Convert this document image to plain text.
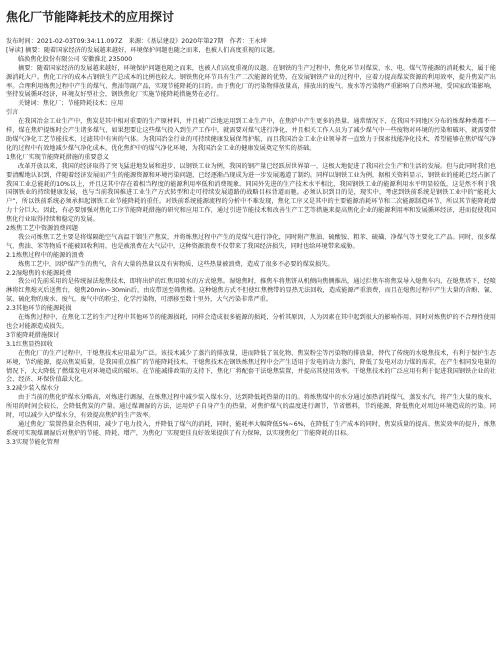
焦化厂节能降耗技术的应用探讨

发布时间：2021-02-03T09:34:11.097Z　来源：《基层建设》2020年第27期　作者：王永坤

[导读] 摘要：随着国家经济的发展越来越好，环境保护问题也随之而来，也被人们高度重视的议题。

临涣焦化股份有限公司 安徽淮北 235000

摘要：随着国家经济的发展越来越好，环境保护问题也随之而来，也被人们高度重视的议题。在钢铁的生产过程中，焦化环节对煤炭、水、电、煤气等能源的消耗极大，属于能源消耗大户。焦化工序的成本占钢铁生产总成本的比例也较大。钢铁焦化环节具有生产二次能源的优势，在发展钢铁产业的过程中，应着力提高煤炭资源的利用效率，提升焦炭产出率。合理利用炼焦过程中产生的煤气、焦油等副产品，实现节能降耗的目的。由于焦化厂的污染物排放量高，排放出的废气、废水等污染物严重影响了自然环境，受国家政策影响，坚持发展循环经济，环境友好型社会，钢铁焦化厂实施节能降耗措施势在必行。

关键词：焦化厂；节能降耗技术；应用

引言

在我国冶金工业生产中，焦炭是其中相对重要的生产原材料，并且被广泛地运用到工业生产中，在焦炉中产生更多的热量。通常情况下，在我国不同地区分布的炼煤种类都不一样，煤在焦炉提炼时会产生诸多煤气，如果想要让这些煤气投入到生产工作中，就需要对煤气进行净化，并且相关工作人员为了减少煤气中一些废物对环境的污染和破坏，就需要借助煤气净化工艺节能技术，过滤其中有害的气体。为我国冶金行业的可持续健康发展保驾护航，而且我国冶金工业企业领导者一直致力于探索找能净化技术，希望能够在焦炉煤气净化的过程中有效地减少煤气净化成本，优化焦炉中的煤气净化环境，为我国冶金工业的健康发展奠定坚实的基础。

1焦化厂实现节能降耗措施的重要意义

改革开放以来，我国的经济取得了突飞猛进地发展和进步，以钢铁工业为例，我国的钢产量已经跃居世界第一，这极大地促进了我国社会生产和生活的发展。但与此同时我们也要清醒地认识到，伴随着经济发展而产生的能源资源和环境污染问题，已经逐渐凸现成为进一步发展遇道了制约。同样以钢铁工业为例，据相关资料显示，钢铁业的能耗已经占据了我国工业总能耗的10%以上，并且这其中存在着相当程度的能源利用率低和消费现象。同国外先进的生产技术水平相比，我国钢铁工业的能源利用水平明显较低，这是然不利于我国钢铁业的持续健康发展，也与当前我国推进工业生产方式转型和走可持续发展道路的战略目标背道而驰。必须认识到目的是，现实中，考虑到铁前系统是钢铁工业中的“能耗大户”，所以铁前系统必须承担起钢铁工业节能降耗的重任。对铁前系统能源流程的分析中不难发现，焦化工序又是其中的主要能源消耗环节和二次能源制造环节，所以其节能降耗潜力十分巨大。因此，有必要加强对焦化工序节能降耗措施的研究和应用工作，通过引进节能技术和改善生产工艺等措施来提高焦化企业的能源利用率和发展循环经济，进而促使我国焦化行业取得持续和稳定的发展。

2炼焦工艺中资源浪费问题

我公司炼焦工艺主要是将煤隔绝空气高温干馏生产焦炭，并将炼焦过程中产生的荒煤气进行净化，同时附产焦油、硫酸铵、粗苯、硫磺、净煤气等主要化工产品。同时，很多煤气、焦油、苯等物质不能被回收利用，也是被浪费在大气层中，这种资源浪费不仅带来了我国经济损失，同时也给环境带来威胁。

2.1炼焦过程中的能源的浪费

炼焦工艺中，因炉煤产生的焦气，含有大量的热量以及有害物质，这些热量被浪费，造成了很多不必要的煤炭损失。

2.2湿熄焦的水能源耗费

我公司先前采用的是传统湿法熄焦技术，即将出炉的红焦用喷水的方式熄焦。湿熄焦时，推焦车将焦饼从机侧向焦侧推出，通过拦焦车将焦炭导入熄焦车内，在熄焦塔下，经喷淋将红焦熄灭后送焦台，熄焦20min~30min后，由皮带送至筛焦楼。这种熄焦方式不但使红焦携带的显热无法回收，造成能源严重浪费，而且在熄焦过程中产生大量的含酚、氰、氨、硫化物的废水、废气，废气中的粉尘、化学污染物，可漂移至数十里外，大气污染非常严重。

2.3其他环节的能源耗损

在炼焦过程中，在焦化工艺的生产过程中其他环节的能源损耗，同样会造成很多能源的损耗，分析其原因，人为因素在其中起到很大的影响作用，同时对炼焦炉的不合理性使用也会对能源造成损失。

3节能降耗措施探讨

3.1红焦显热回收

在焦化厂的生产过程中，干熄焦技术应用最为广泛。该技术减少了蒸汽的排放量，进而降低了氧化物、焦炭粉尘等污染物的排放量，替代了传统的水熄焦技术，有利于保护生态环境，节约能源，提高焦炭质量，是我国重点推广的节能降耗技术。干熄焦技术在钢铁炼焦过程中会产生适用于发电的动力蒸汽，降低了发电对动力煤的需求，在产生相同发电量的情况下，大大降低了燃煤发电对环境造成的破坏。在节能减排政策的支持下，焦化厂将配套干法熄焦装置，并提高其使用效率。干熄焦技术的广泛应用有利于促进我国钢铁企业的社会、经济、环保价值最大化。

3.2减少装入煤水分

由于当前的焦化炉煤水分略高，对炼进行调湿，在炼焦过程中减少装入煤水分，达到降低耗热量的目的。将炼焦煤中的水分通过加热消耗煤气，蒸发水汽，将产生大量的废水，所用的时间会较长，会降低焦炭的产量。通过煤调湿的方法，运用炉子自身产生的热量，对焦炉煤气的温度进行调节，节省燃料，节约能源，降低焦化对周边环境造成的污染。同时，可以减少入炉煤水分，有效提高焦炉的生产效率。

通过焦化厂装置热量余热利用，减少了电力投入，并降低了煤气的消耗，同时，能耗率大幅降低5%~6%，在降低了生产成本的同时，焦炭质量的提高、焦炭效率的提升，炼焦系统可实现煤调湿后对焦炉的节能、降耗、增产，为焦化厂实现更佳良好效果提供了有力保障，以实现焦化厂节能降耗的目标。

3.3实现节能化管理
